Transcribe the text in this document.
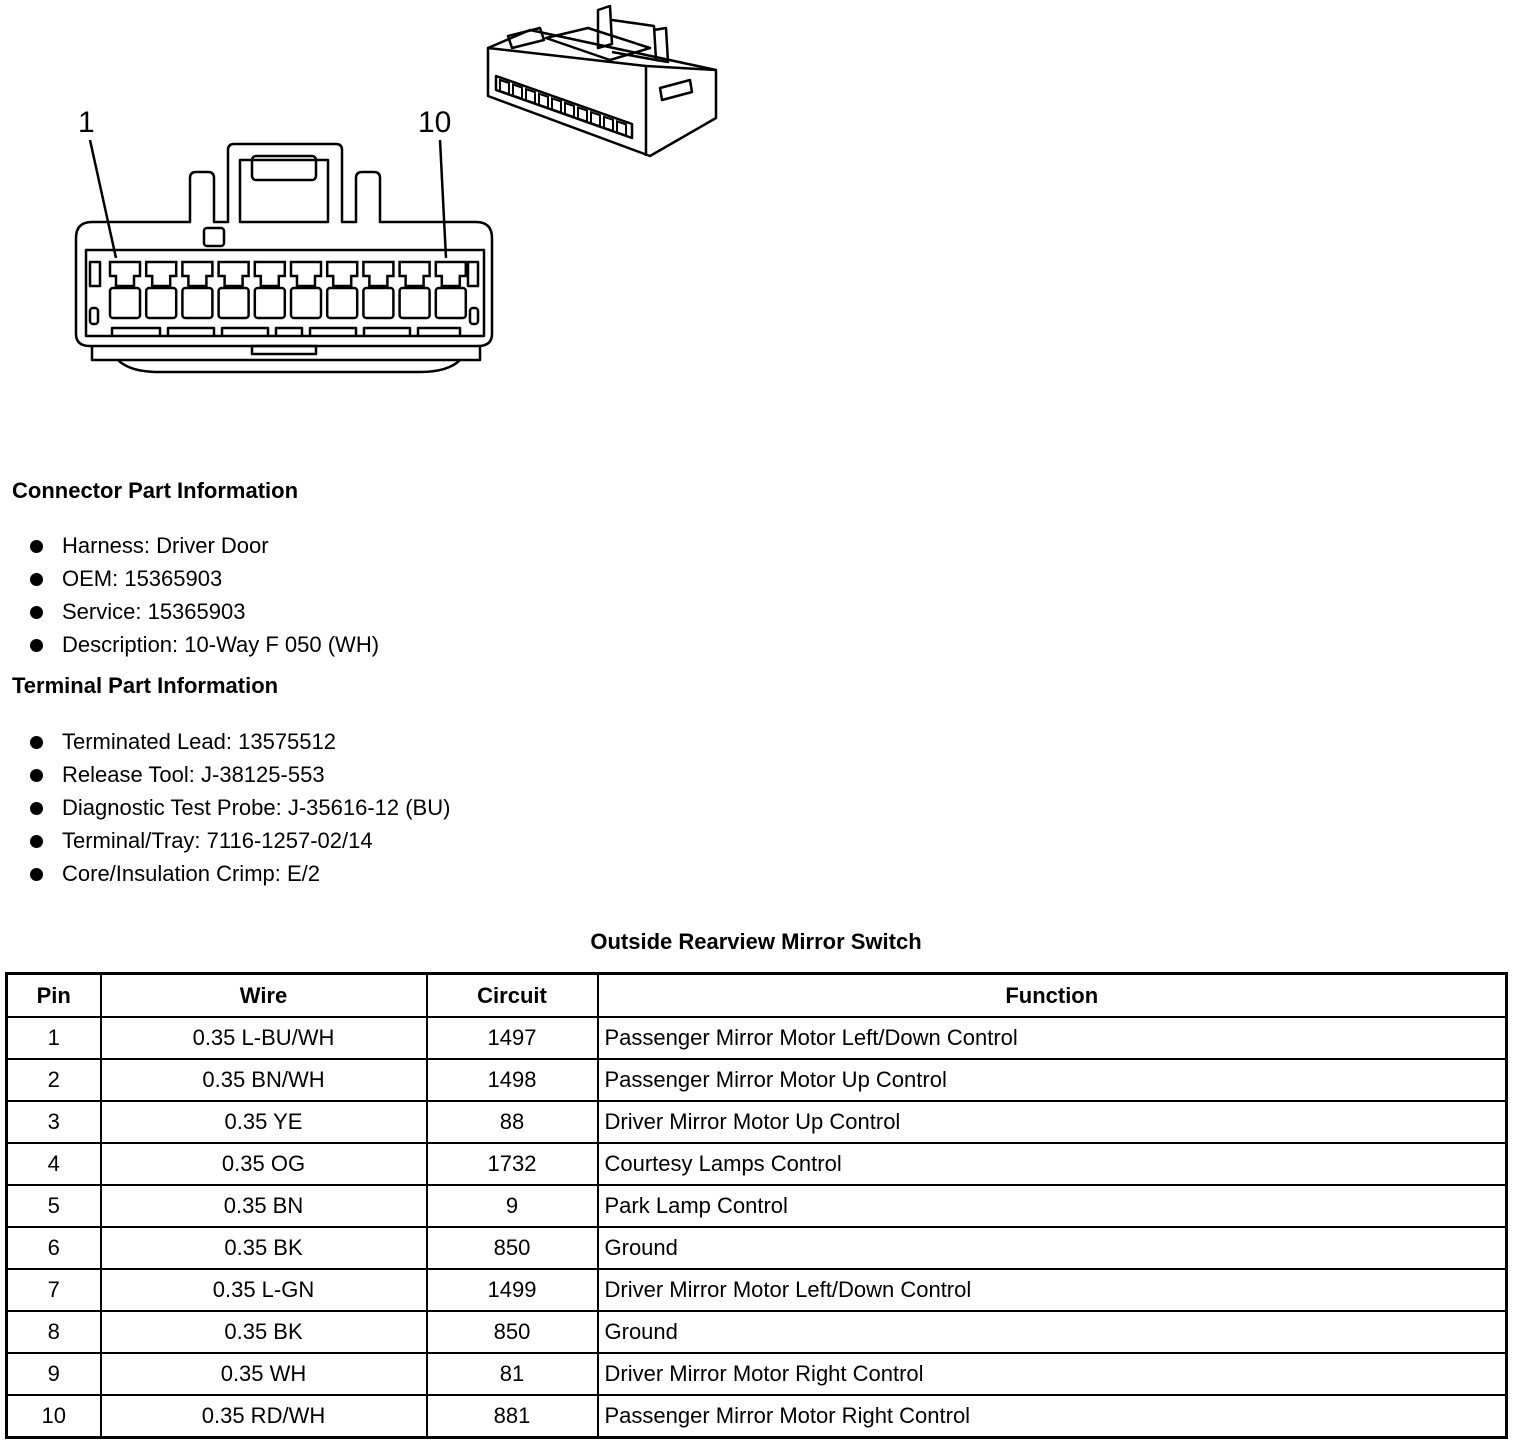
1	10
Connector Part Information
Harness: Driver Door
OEM: 15365903
Service: 15365903
Description: 10-Way F 050 (WH)
Terminal Part Information
Terminated Lead: 13575512
Release Tool: J-38125-553
Diagnostic Test Probe: J-35616-12 (BU)
Terminal/Tray: 7116-1257-02/14
Core/Insulation Crimp: E/2
Outside Rearview Mirror Switch
Pin	Wire	Circuit	Function
1	0.35 L-BU/WH	1497	Passenger Mirror Motor Left/Down Control
2	0.35 BN/WH	1498	Passenger Mirror Motor Up Control
3	0.35 YE	88	Driver Mirror Motor Up Control
4	0.35 OG	1732	Courtesy Lamps Control
5	0.35 BN	9	Park Lamp Control
6	0.35 BK	850	Ground
7	0.35 L-GN	1499	Driver Mirror Motor Left/Down Control
8	0.35 BK	850	Ground
9	0.35 WH	81	Driver Mirror Motor Right Control
10	0.35 RD/WH	881	Passenger Mirror Motor Right Control
